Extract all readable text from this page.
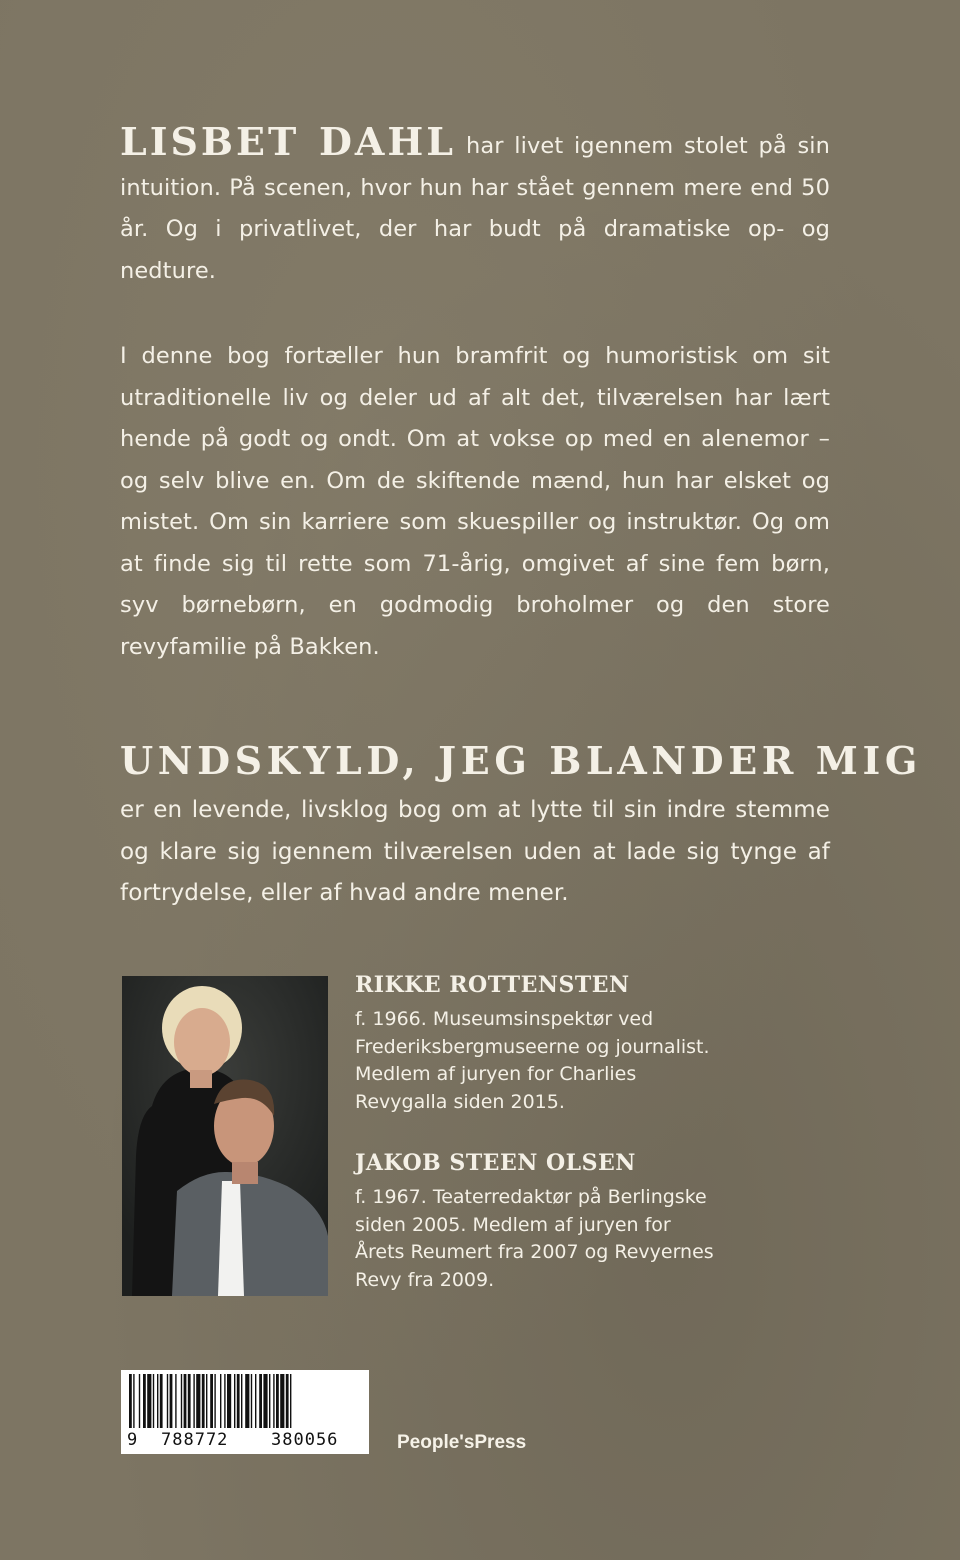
LISBET DAHL har livet igennem stolet på sin intuition. På scenen, hvor hun har stået gennem mere end 50 år. Og i privatlivet, der har budt på dramatiske op- og nedture.
I denne bog fortæller hun bramfrit og humoristisk om sit utraditionelle liv og deler ud af alt det, tilværelsen har lært hende på godt og ondt. Om at vokse op med en alenemor – og selv blive en. Om de skiftende mænd, hun har elsket og mistet. Om sin karriere som skuespiller og instruktør. Og om at finde sig til rette som 71-årig, omgivet af sine fem børn, syv børnebørn, en godmodig broholmer og den store revyfamilie på Bakken.
UNDSKYLD, JEG BLANDER MIG
er en levende, livsklog bog om at lytte til sin indre stemme og klare sig igennem tilværelsen uden at lade sig tynge af fortrydelse, eller af hvad andre mener.
RIKKE ROTTENSTEN
f. 1966. Museumsinspektør ved Frederiksbergmuseerne og journalist. Medlem af juryen for Charlies Revygalla siden 2015.
JAKOB STEEN OLSEN
f. 1967. Teaterredaktør på Berlingske siden 2005. Medlem af juryen for Årets Reumert fra 2007 og Revyernes Revy fra 2009.
9 788772	380056	People'sPress
